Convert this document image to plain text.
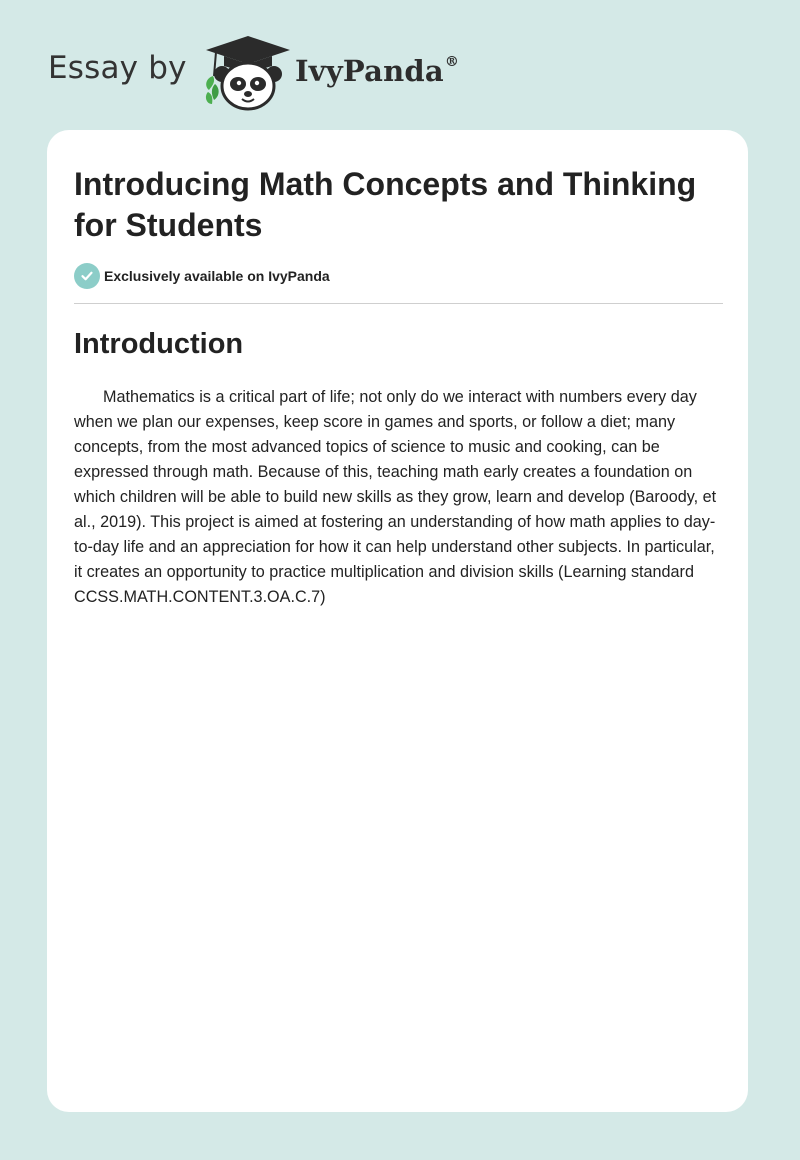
Essay by	IvyPanda®
Introducing Math Concepts and Thinking for Students
Exclusively available on IvyPanda
Introduction

Mathematics is a critical part of life; not only do we interact with numbers every day when we plan our expenses, keep score in games and sports, or follow a diet; many concepts, from the most advanced topics of science to music and cooking, can be expressed through math. Because of this, teaching math early creates a foundation on which children will be able to build new skills as they grow, learn and develop (Baroody, et al., 2019). This project is aimed at fostering an understanding of how math applies to day-to-day life and an appreciation for how it can help understand other subjects. In particular, it creates an opportunity to practice multiplication and division skills (Learning standard CCSS.MATH.CONTENT.3.OA.C.7)
